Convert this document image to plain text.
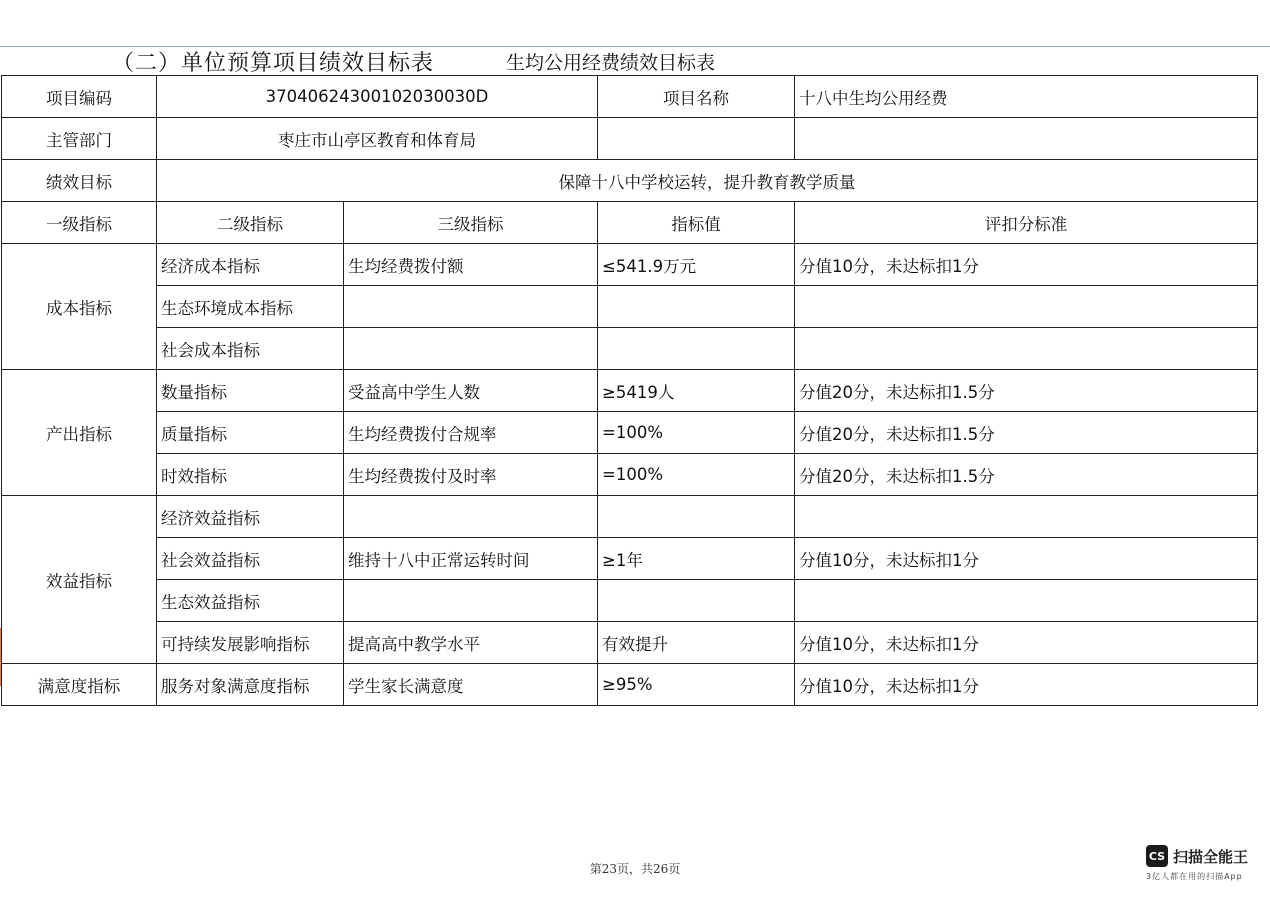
（二）单位预算项目绩效目标表	生均公用经费绩效目标表
项目编码	37040624300102030030D		项目名称	十八中生均公用经费
主管部门	枣庄市山亭区教育和体育局			
绩效目标	保障十八中学校运转，提升教育教学质量			
一级指标	二级指标	三级指标	指标值	评扣分标准
成本指标	经济成本指标	生均经费拨付额	≤541.9万元	分值10分，未达标扣1分
	生态环境成本指标			
	社会成本指标			
产出指标	数量指标	受益高中学生人数	≥5419人	分值20分，未达标扣1.5分
	质量指标	生均经费拨付合规率	=100%	分值20分，未达标扣1.5分
	时效指标	生均经费拨付及时率	=100%	分值20分，未达标扣1.5分
效益指标	经济效益指标			
	社会效益指标	维持十八中正常运转时间	≥1年	分值10分，未达标扣1分
	生态效益指标			
	可持续发展影响指标	提高高中教学水平	有效提升	分值10分，未达标扣1分
满意度指标	服务对象满意度指标	学生家长满意度	≥95%	分值10分，未达标扣1分
第23页，共26页
CS 扫描全能王
3亿人都在用的扫描App
